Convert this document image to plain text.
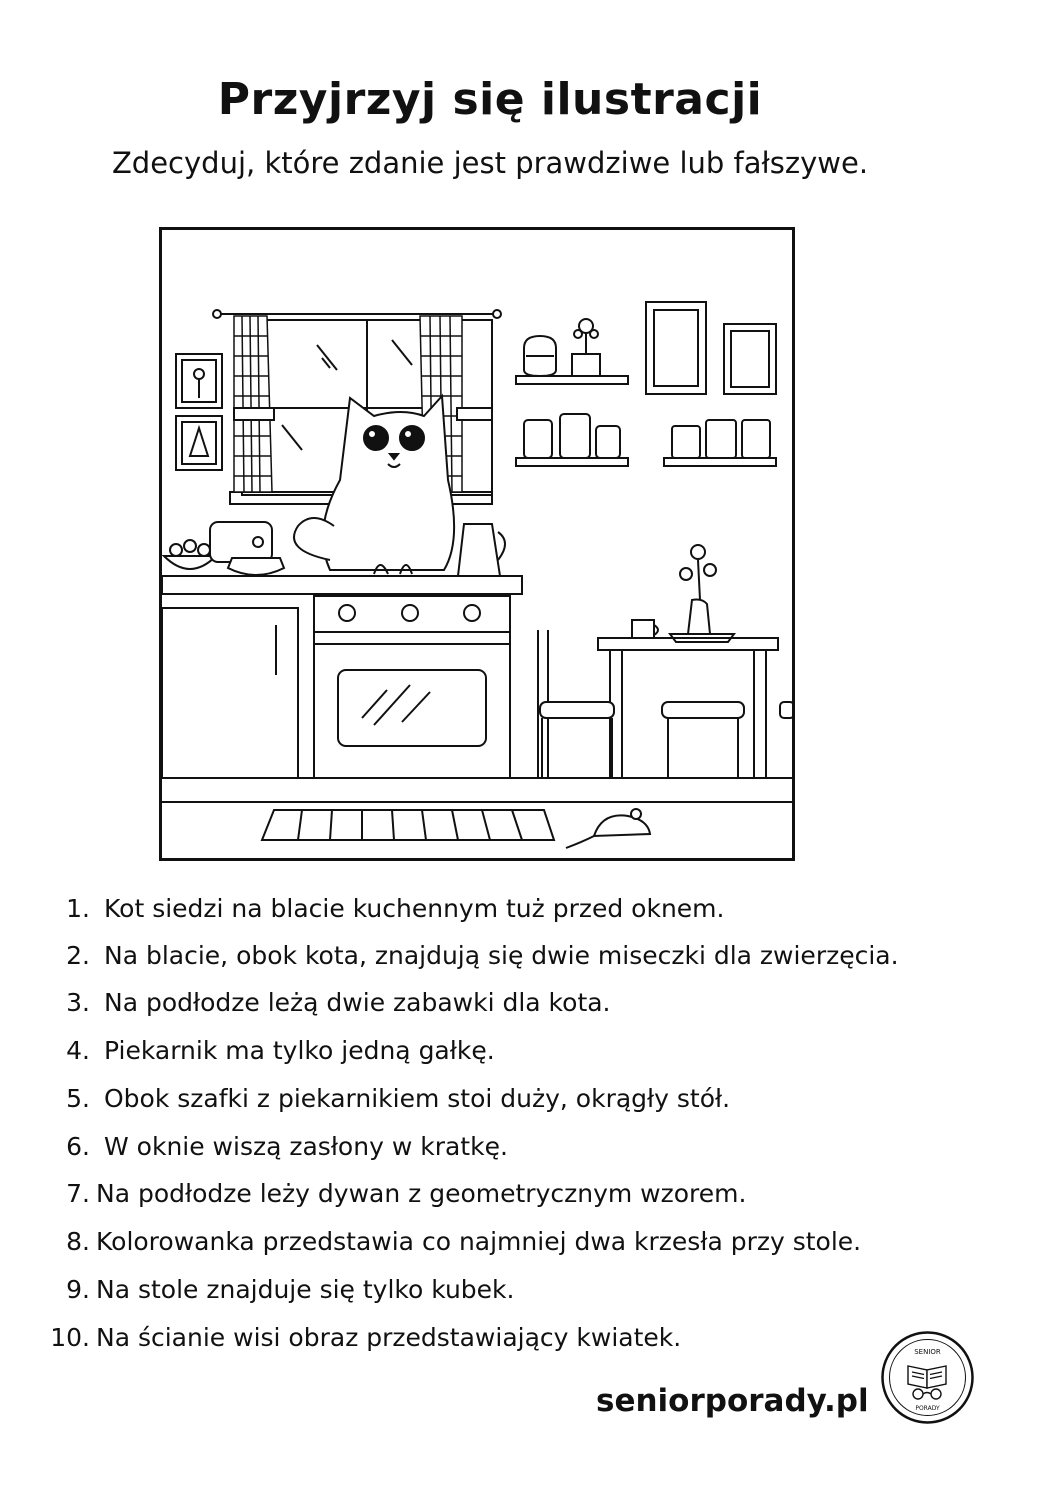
Przyjrzyj się ilustracji
Zdecyduj, które zdanie jest prawdziwe lub fałszywe.
1. Kot siedzi na blacie kuchennym tuż przed oknem.
2. Na blacie, obok kota, znajdują się dwie miseczki dla zwierzęcia.
3. Na podłodze leżą dwie zabawki dla kota.
4. Piekarnik ma tylko jedną gałkę.
5. Obok szafki z piekarnikiem stoi duży, okrągły stół.
6. W oknie wiszą zasłony w kratkę.
7. Na podłodze leży dywan z geometrycznym wzorem.
8. Kolorowanka przedstawia co najmniej dwa krzesła przy stole.
9. Na stole znajduje się tylko kubek.
10. Na ścianie wisi obraz przedstawiający kwiatek.
seniorporady.pl
SENIOR
PORADY
